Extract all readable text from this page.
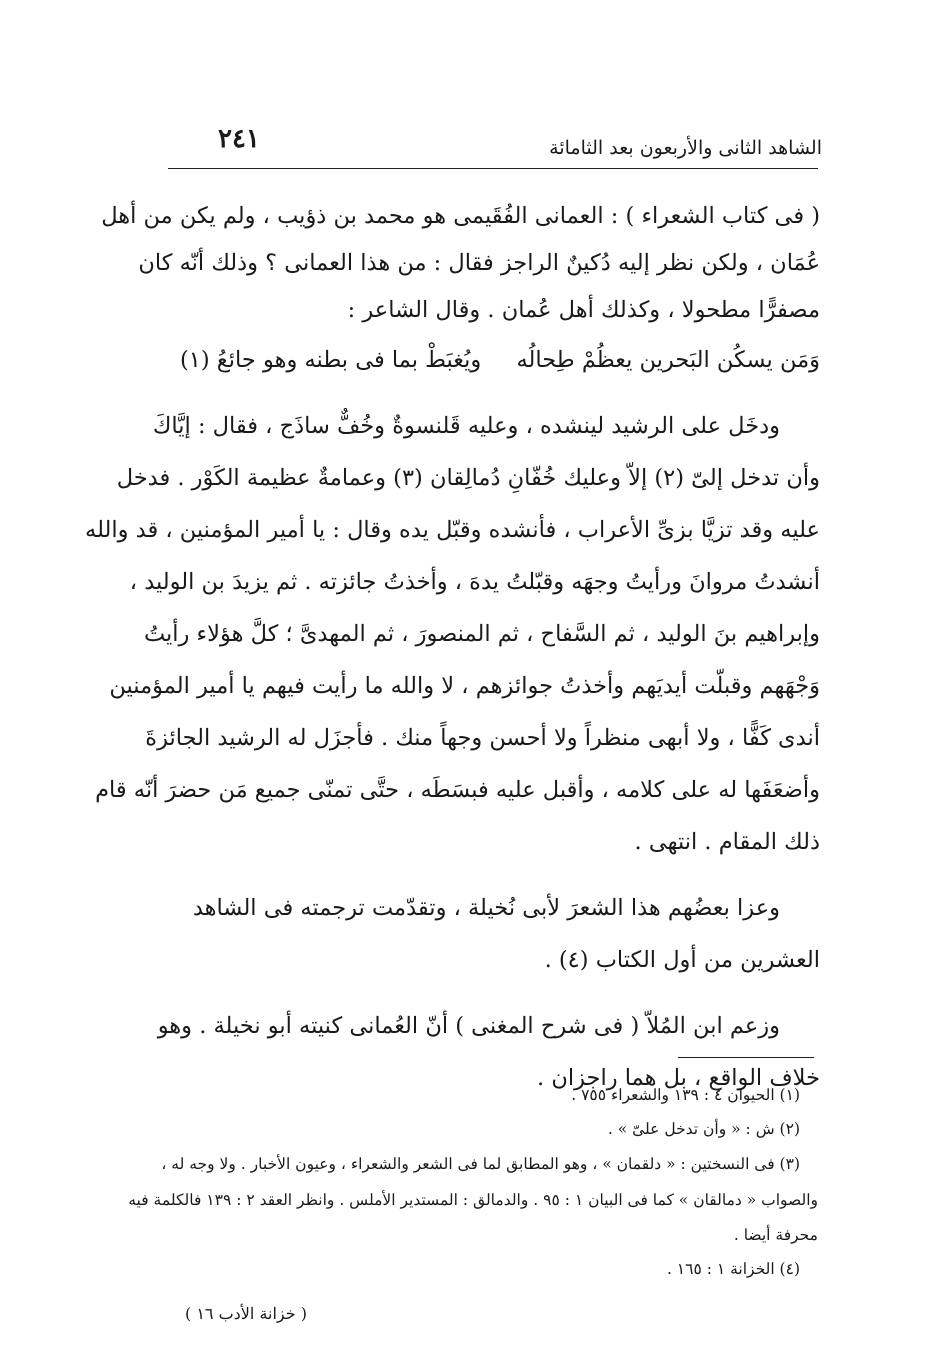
الشاهد الثانى والأربعون بعد الثامائة
٢٤١
( فى كتاب الشعراء ) : العمانى الفُقَيمى هو محمد بن ذؤيب ، ولم يكن من أهل
عُمَان ، ولكن نظر إليه دُكينٌ الراجز فقال : من هذا العمانى ؟ وذلك أنّه كان
مصفرًّا مطحولا ، وكذلك أهل عُمان . وقال الشاعر :
وَمَن يسكُن البَحرين يعظُمْ طِحالُه
ويُغبَطْ بما فى بطنه وهو جائعُ (١)
ودخَل على الرشيد لينشده ، وعليه قَلنسوةٌ وخُفٌّ ساذَج ، فقال : إيَّاكَ
وأن تدخل إلىّ (٢) إلاّ وعليك خُفّانِ دُمالِقان (٣) وعمامةٌ عظيمة الكَوْر . فدخل
عليه وقد تزيَّا بزىِّ الأعراب ، فأنشده وقبّل يده وقال : يا أمير المؤمنين ، قد والله
أنشدتُ مروانَ ورأيتُ وجهَه وقبّلتُ يدهَ ، وأخذتُ جائزته . ثم يزيدَ بن الوليد ،
وإبراهيم بنَ الوليد ، ثم السَّفاح ، ثم المنصورَ ، ثم المهدىَّ ؛ كلَّ هؤلاء رأيتُ
وَجْهَهم وقبلّت أيديَهم وأخذتُ جوائزهم ، لا والله ما رأيت فيهم يا أمير المؤمنين
أندى كَفًّا ، ولا أبهى منظراً ولا أحسن وجهاً منك . فأجزَل له الرشيد الجائزةَ
وأضعَفَها له على كلامه ، وأقبل عليه فبسَطَه ، حتَّى تمنّى جميع مَن حضرَ أنّه قام
ذلك المقام . انتهى .
وعزا بعضُهم هذا الشعرَ لأبى نُخيلة ، وتقدّمت ترجمته فى الشاهد
العشرين من أول الكتاب (٤) .
وزعم ابن المُلاّ ( فى شرح المغنى ) أنّ العُمانى كنيته أبو نخيلة . وهو
خلاف الواقع ، بل هما راجزان .
(١) الحيوان ٤ : ١٣٩ والشعراء ٧٥٥ .
(٢) ش : « وأن تدخل علىّ » .
(٣) فى النسختين : « دلقمان » ، وهو المطابق لما فى الشعر والشعراء ، وعيون الأخبار . ولا وجه له ،
والصواب « دمالقان » كما فى البيان ١ : ٩٥ . والدمالق : المستدير الأملس . وانظر العقد ٢ : ١٣٩ فالكلمة فيه
محرفة أيضا .
(٤) الخزانة ١ : ١٦٥ .
( خزانة الأدب ١٦ )
